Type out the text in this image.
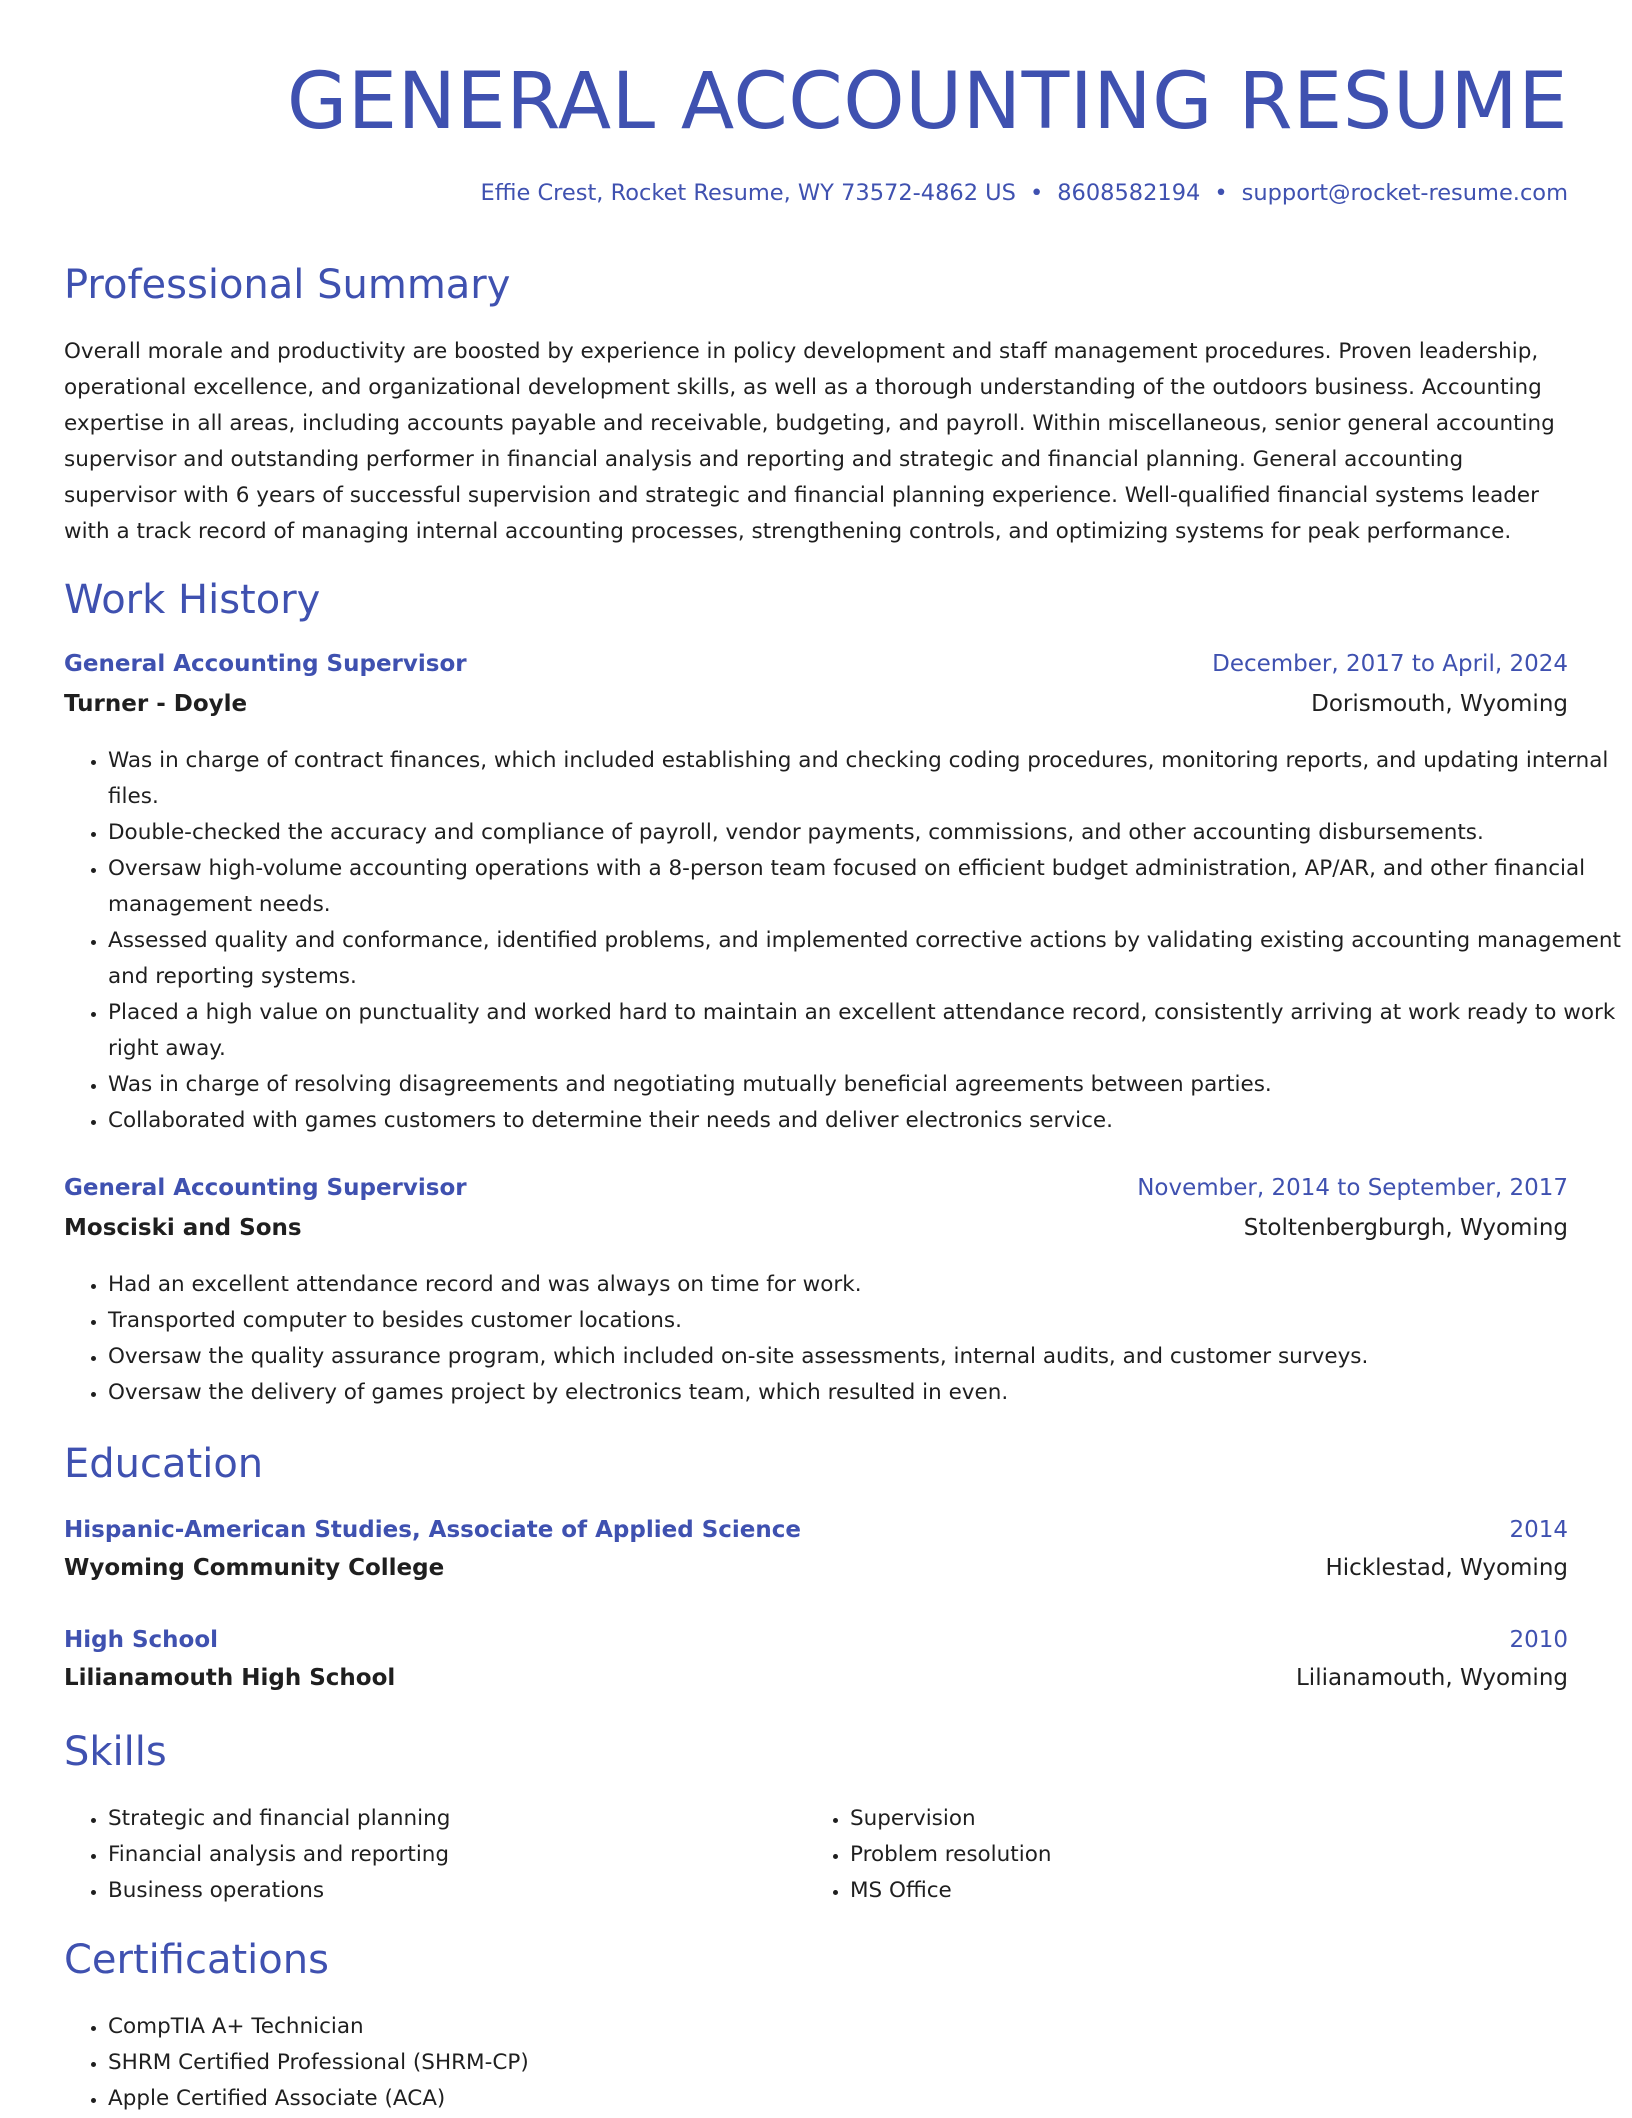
GENERAL ACCOUNTING RESUME
Effie Crest, Rocket Resume, WY 73572-4862 US • 8608582194 • support@rocket-resume.com
Professional Summary

Overall morale and productivity are boosted by experience in policy development and staff management procedures. Proven leadership, operational excellence, and organizational development skills, as well as a thorough understanding of the outdoors business. Accounting expertise in all areas, including accounts payable and receivable, budgeting, and payroll. Within miscellaneous, senior general accounting supervisor and outstanding performer in financial analysis and reporting and strategic and financial planning. General accounting supervisor with 6 years of successful supervision and strategic and financial planning experience. Well-qualified financial systems leader with a track record of managing internal accounting processes, strengthening controls, and optimizing systems for peak performance.

Work History
General Accounting Supervisor	December, 2017 to April, 2024
Turner - Doyle	Dorismouth, Wyoming
• Was in charge of contract finances, which included establishing and checking coding procedures, monitoring reports, and updating internal files.
• Double-checked the accuracy and compliance of payroll, vendor payments, commissions, and other accounting disbursements.
• Oversaw high-volume accounting operations with a 8-person team focused on efficient budget administration, AP/AR, and other financial management needs.
• Assessed quality and conformance, identified problems, and implemented corrective actions by validating existing accounting management and reporting systems.
• Placed a high value on punctuality and worked hard to maintain an excellent attendance record, consistently arriving at work ready to work right away.
• Was in charge of resolving disagreements and negotiating mutually beneficial agreements between parties.
• Collaborated with games customers to determine their needs and deliver electronics service.
General Accounting Supervisor	November, 2014 to September, 2017
Mosciski and Sons	Stoltenbergburgh, Wyoming
• Had an excellent attendance record and was always on time for work.
• Transported computer to besides customer locations.
• Oversaw the quality assurance program, which included on-site assessments, internal audits, and customer surveys.
• Oversaw the delivery of games project by electronics team, which resulted in even.
Education
Hispanic-American Studies, Associate of Applied Science	2014
Wyoming Community College	Hicklestad, Wyoming
High School	2010
Lilianamouth High School	Lilianamouth, Wyoming
Skills
• Strategic and financial planning
• Financial analysis and reporting
• Business operations
• Supervision
• Problem resolution
• MS Office
Certifications
• CompTIA A+ Technician
• SHRM Certified Professional (SHRM-CP)
• Apple Certified Associate (ACA)
